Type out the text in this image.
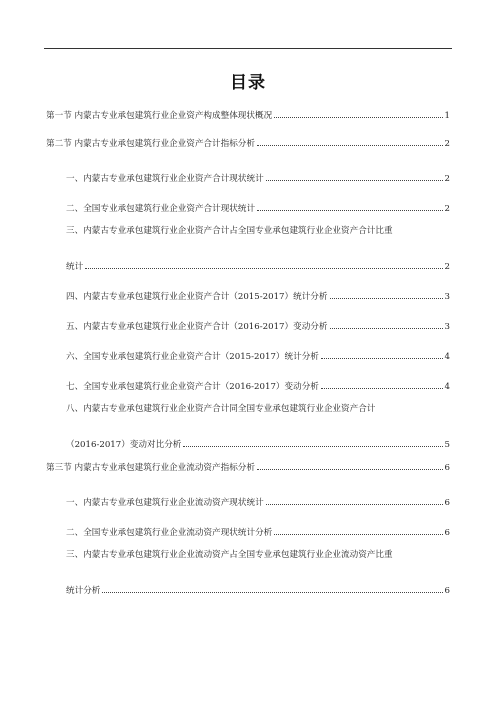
目录
第一节 内蒙古专业承包建筑行业企业资产构成整体现状概况	1
第二节 内蒙古专业承包建筑行业企业资产合计指标分析	2
一、内蒙古专业承包建筑行业企业资产合计现状统计	2
二、全国专业承包建筑行业企业资产合计现状统计	2
三、内蒙古专业承包建筑行业企业资产合计占全国专业承包建筑行业企业资产合计比重
统计	2
四、内蒙古专业承包建筑行业企业资产合计（2015-2017）统计分析	3
五、内蒙古专业承包建筑行业企业资产合计（2016-2017）变动分析	3
六、全国专业承包建筑行业企业资产合计（2015-2017）统计分析	4
七、全国专业承包建筑行业企业资产合计（2016-2017）变动分析	4
八、内蒙古专业承包建筑行业企业资产合计同全国专业承包建筑行业企业资产合计
（2016-2017）变动对比分析	5
第三节 内蒙古专业承包建筑行业企业流动资产指标分析	6
一、内蒙古专业承包建筑行业企业流动资产现状统计	6
二、全国专业承包建筑行业企业流动资产现状统计分析	6
三、内蒙古专业承包建筑行业企业流动资产占全国专业承包建筑行业企业流动资产比重
统计分析	6
